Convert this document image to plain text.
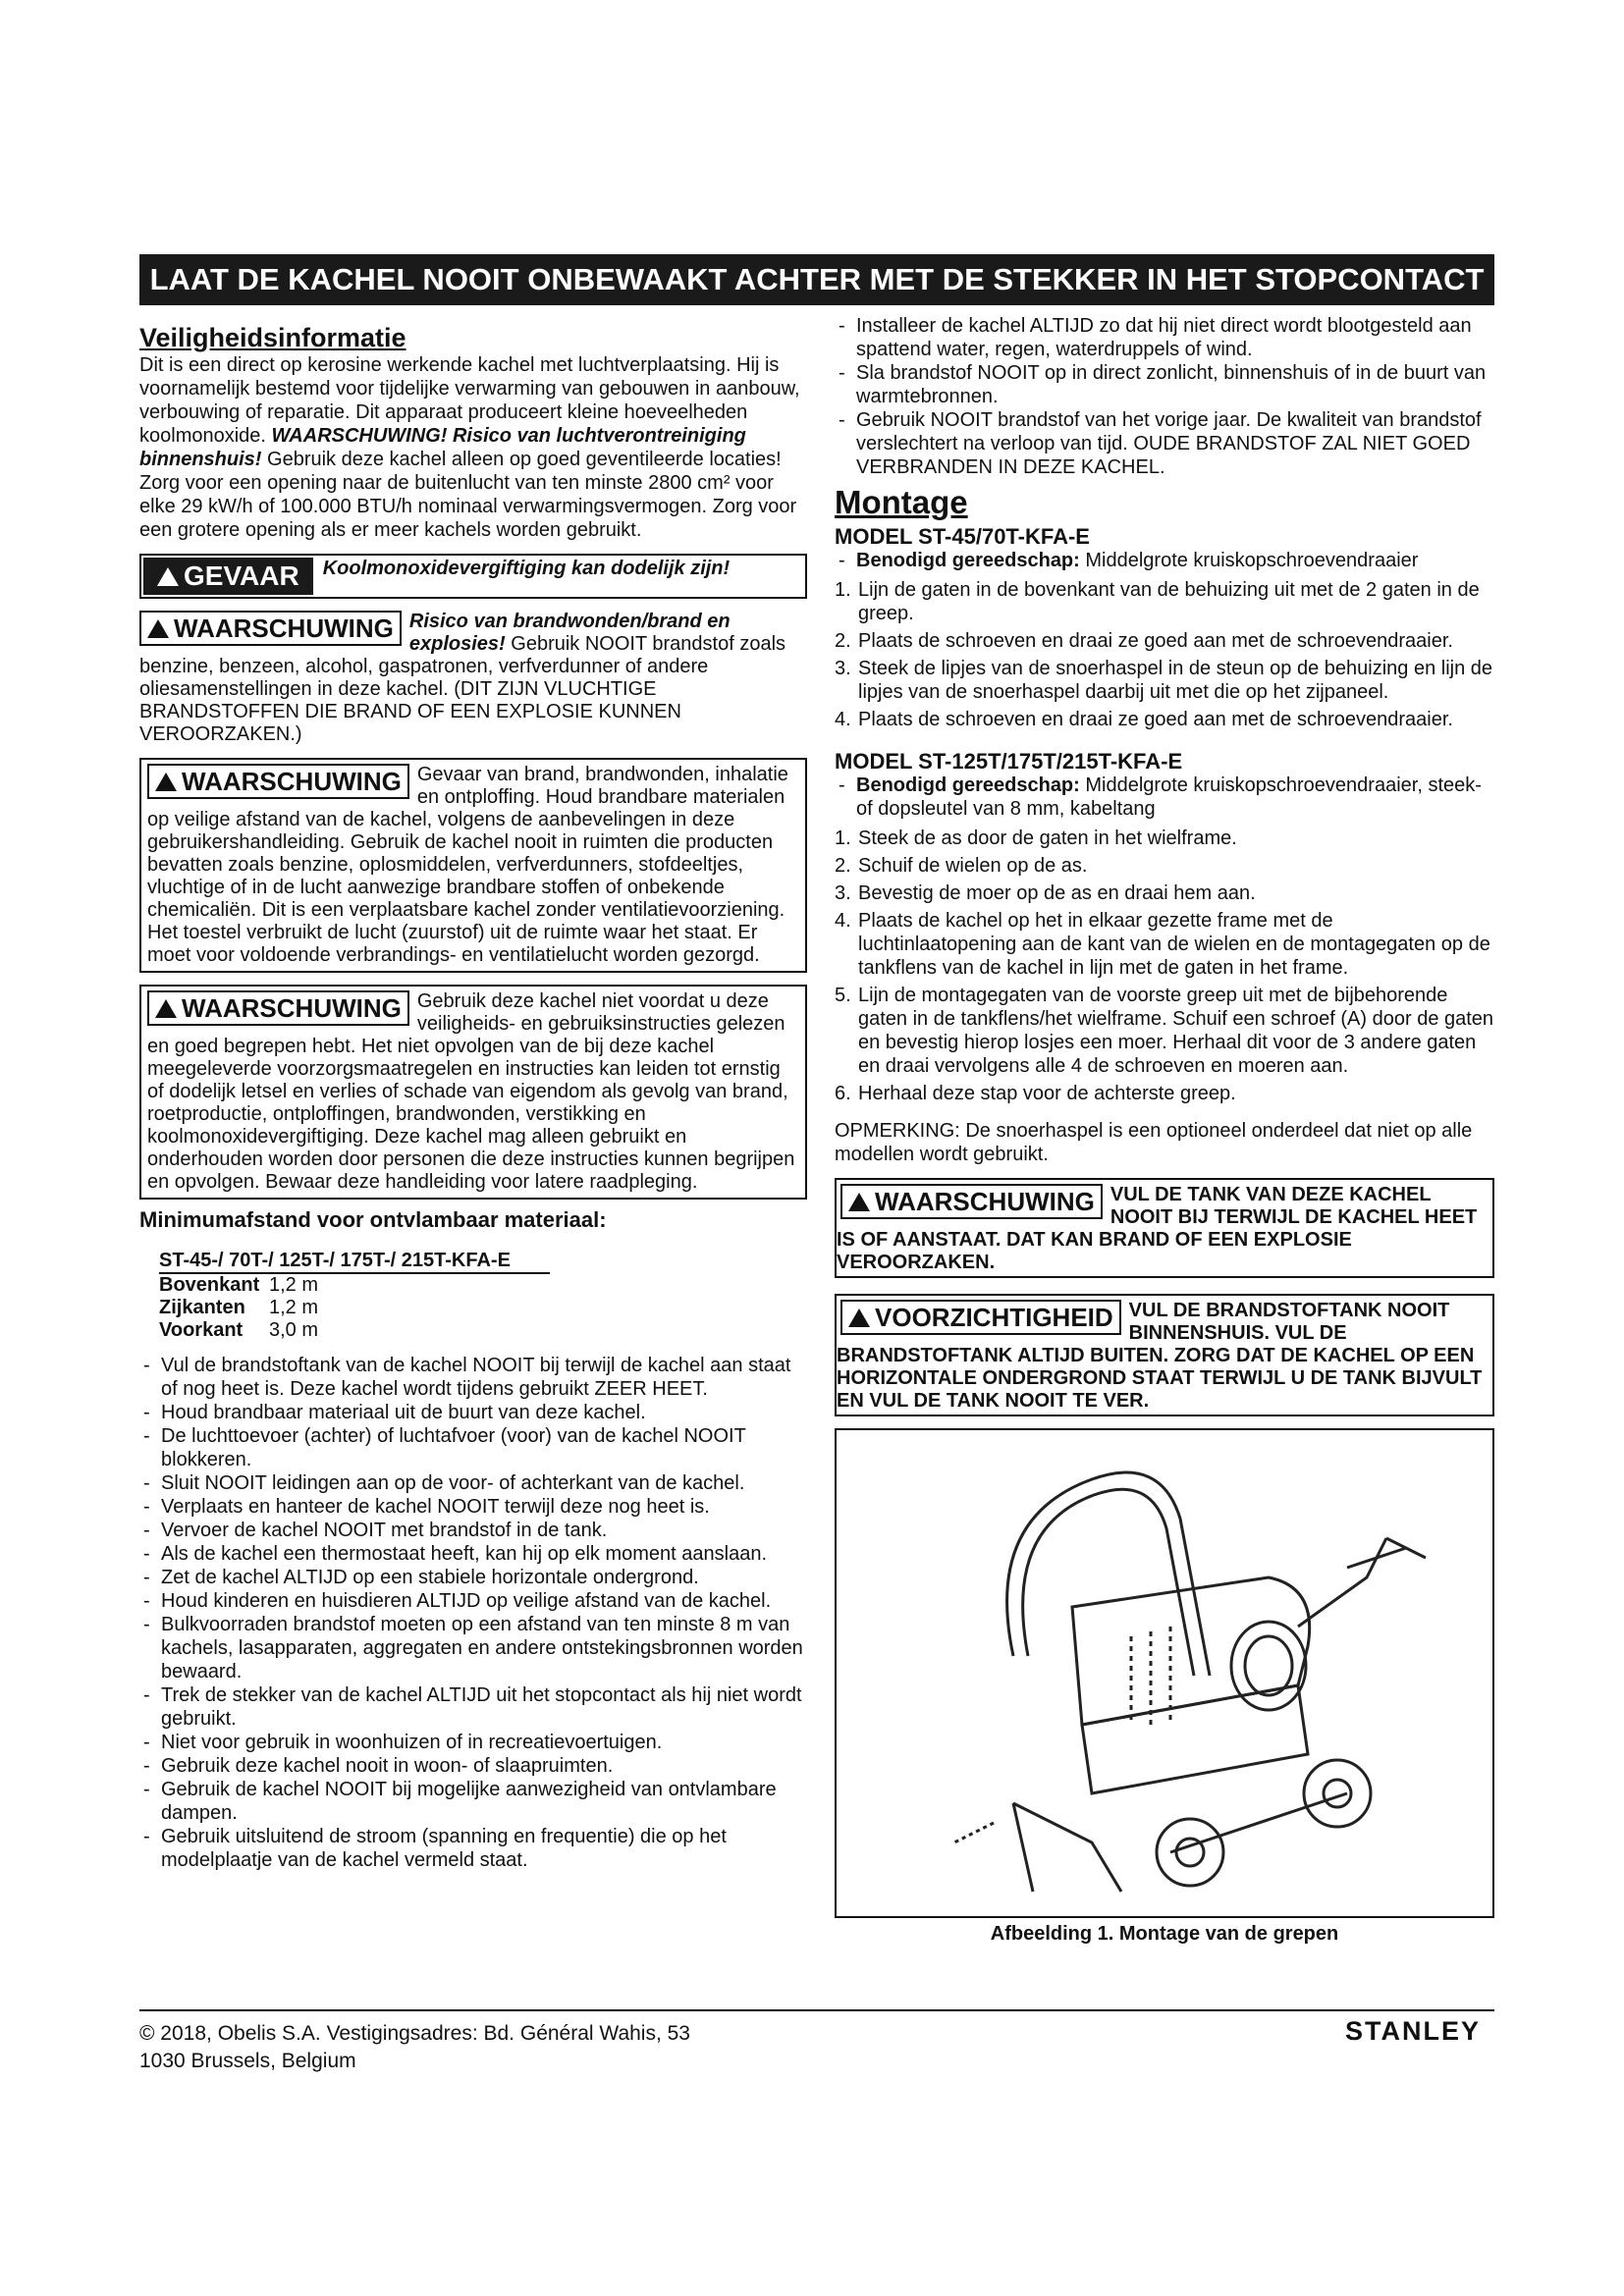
LAAT DE KACHEL NOOIT ONBEWAAKT ACHTER MET DE STEKKER IN HET STOPCONTACT
Veiligheidsinformatie

Dit is een direct op kerosine werkende kachel met luchtverplaatsing. Hij is voornamelijk bestemd voor tijdelijke verwarming van gebouwen in aanbouw, verbouwing of reparatie. Dit apparaat produceert kleine hoeveelheden koolmonoxide. WAARSCHUWING! Risico van luchtverontreiniging binnenshuis! Gebruik deze kachel alleen op goed geventileerde locaties! Zorg voor een opening naar de buitenlucht van ten minste 2800 cm² voor elke 29 kW/h of 100.000 BTU/h nominaal verwarmingsvermogen. Zorg voor een grotere opening als er meer kachels worden gebruikt.

GEVAAR	Koolmonoxidevergiftiging kan dodelijk zijn!

WAARSCHUWING Risico van brandwonden/brand en explosies! Gebruik NOOIT brandstof zoals benzine, benzeen, alcohol, gaspatronen, verfverdunner of andere oliesamenstellingen in deze kachel. (DIT ZIJN VLUCHTIGE BRANDSTOFFEN DIE BRAND OF EEN EXPLOSIE KUNNEN VEROORZAKEN.)

WAARSCHUWING Gevaar van brand, brandwonden, inhalatie en ontploffing. Houd brandbare materialen op veilige afstand van de kachel, volgens de aanbevelingen in deze gebruikershandleiding. Gebruik de kachel nooit in ruimten die producten bevatten zoals benzine, oplosmiddelen, verfverdunners, stofdeeltjes, vluchtige of in de lucht aanwezige brandbare stoffen of onbekende chemicaliën. Dit is een verplaatsbare kachel zonder ventilatievoorziening. Het toestel verbruikt de lucht (zuurstof) uit de ruimte waar het staat. Er moet voor voldoende verbrandings- en ventilatielucht worden gezorgd.

WAARSCHUWING Gebruik deze kachel niet voordat u deze veiligheids- en gebruiksinstructies gelezen en goed begrepen hebt. Het niet opvolgen van de bij deze kachel meegeleverde voorzorgsmaatregelen en instructies kan leiden tot ernstig of dodelijk letsel en verlies of schade van eigendom als gevolg van brand, roetproductie, ontploffingen, brandwonden, verstikking en koolmonoxidevergiftiging. Deze kachel mag alleen gebruikt en onderhouden worden door personen die deze instructies kunnen begrijpen en opvolgen. Bewaar deze handleiding voor latere raadpleging.

Minimumafstand voor ontvlambaar materiaal:

ST-45-/ 70T-/ 125T-/ 175T-/ 215T-KFA-E
Bovenkant 1,2 m
Zijkanten 1,2 m
Voorkant 3,0 m
- Vul de brandstoftank van de kachel NOOIT bij terwijl de kachel aan staat of nog heet is. Deze kachel wordt tijdens gebruikt ZEER HEET.
- Houd brandbaar materiaal uit de buurt van deze kachel.
- De luchttoevoer (achter) of luchtafvoer (voor) van de kachel NOOIT blokkeren.
- Sluit NOOIT leidingen aan op de voor- of achterkant van de kachel.
- Verplaats en hanteer de kachel NOOIT terwijl deze nog heet is.
- Vervoer de kachel NOOIT met brandstof in de tank.
- Als de kachel een thermostaat heeft, kan hij op elk moment aanslaan.
- Zet de kachel ALTIJD op een stabiele horizontale ondergrond.
- Houd kinderen en huisdieren ALTIJD op veilige afstand van de kachel.
- Bulkvoorraden brandstof moeten op een afstand van ten minste 8 m van kachels, lasapparaten, aggregaten en andere ontstekingsbronnen worden bewaard.
- Trek de stekker van de kachel ALTIJD uit het stopcontact als hij niet wordt gebruikt.
- Niet voor gebruik in woonhuizen of in recreatievoertuigen.
- Gebruik deze kachel nooit in woon- of slaapruimten.
- Gebruik de kachel NOOIT bij mogelijke aanwezigheid van ontvlambare dampen.
- Gebruik uitsluitend de stroom (spanning en frequentie) die op het modelplaatje van de kachel vermeld staat.
- Installeer de kachel ALTIJD zo dat hij niet direct wordt blootgesteld aan spattend water, regen, waterdruppels of wind.
- Sla brandstof NOOIT op in direct zonlicht, binnenshuis of in de buurt van warmtebronnen.
- Gebruik NOOIT brandstof van het vorige jaar. De kwaliteit van brandstof verslechtert na verloop van tijd. OUDE BRANDSTOF ZAL NIET GOED VERBRANDEN IN DEZE KACHEL.
Montage

MODEL ST-45/70T-KFA-E

- Benodigd gereedschap: Middelgrote kruiskopschroevendraaier
1. Lijn de gaten in de bovenkant van de behuizing uit met de 2 gaten in de greep.
2. Plaats de schroeven en draai ze goed aan met de schroevendraaier.
3. Steek de lipjes van de snoerhaspel in de steun op de behuizing en lijn de lipjes van de snoerhaspel daarbij uit met die op het zijpaneel.
4. Plaats de schroeven en draai ze goed aan met de schroevendraaier.

MODEL ST-125T/175T/215T-KFA-E

- Benodigd gereedschap: Middelgrote kruiskopschroevendraaier, steek- of dopsleutel van 8 mm, kabeltang
1. Steek de as door de gaten in het wielframe.
2. Schuif de wielen op de as.
3. Bevestig de moer op de as en draai hem aan.
4. Plaats de kachel op het in elkaar gezette frame met de luchtinlaatopening aan de kant van de wielen en de montagegaten op de tankflens van de kachel in lijn met de gaten in het frame.
5. Lijn de montagegaten van de voorste greep uit met de bijbehorende gaten in de tankflens/het wielframe. Schuif een schroef (A) door de gaten en bevestig hierop losjes een moer. Herhaal dit voor de 3 andere gaten en draai vervolgens alle 4 de schroeven en moeren aan.
6. Herhaal deze stap voor de achterste greep.

OPMERKING: De snoerhaspel is een optioneel onderdeel dat niet op alle modellen wordt gebruikt.

WAARSCHUWING VUL DE TANK VAN DEZE KACHEL NOOIT BIJ TERWIJL DE KACHEL HEET IS OF AANSTAAT. DAT KAN BRAND OF EEN EXPLOSIE VEROORZAKEN.

VOORZICHTIGHEID VUL DE BRANDSTOFTANK NOOIT BINNENSHUIS. VUL DE BRANDSTOFTANK ALTIJD BUITEN. ZORG DAT DE KACHEL OP EEN HORIZONTALE ONDERGROND STAAT TERWIJL U DE TANK BIJVULT EN VUL DE TANK NOOIT TE VER.

Afbeelding 1. Montage van de grepen
© 2018, Obelis S.A. Vestigingsadres: Bd. Général Wahis, 53
1030 Brussels, Belgium
STANLEY
